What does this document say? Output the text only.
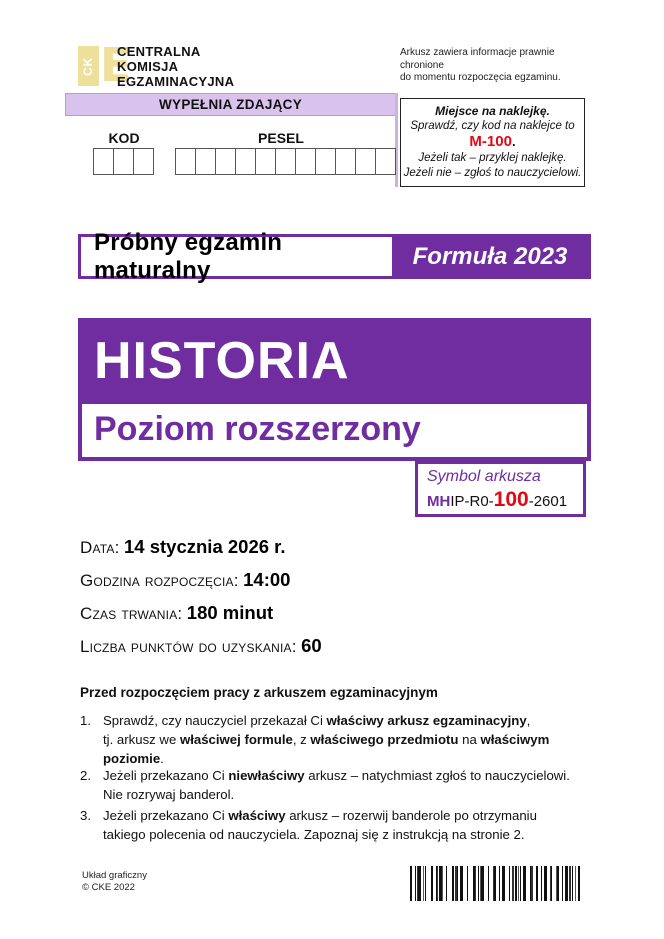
CK E
CENTRALNA
KOMISJA
EGZAMINACYJNA
Arkusz zawiera informacje prawnie chronione
do momentu rozpoczęcia egzaminu.
WYPEŁNIA ZDAJĄCY
KOD	PESEL
Miejsce na naklejkę.
Sprawdź, czy kod na naklejce to
M-100.
Jeżeli tak – przyklej naklejkę.
Jeżeli nie – zgłoś to nauczycielowi.
Próbny egzamin maturalny
Formuła 2023
HISTORIA
Poziom rozszerzony
Symbol arkusza
MH IP-R0- 100 -2601
Data: 14 stycznia 2026 r.
Godzina rozpoczęcia: 14:00
Czas trwania: 180 minut
Liczba punktów do uzyskania: 60
Przed rozpoczęciem pracy z arkuszem egzaminacyjnym
1. Sprawdź, czy nauczyciel przekazał Ci właściwy arkusz egzaminacyjny,
tj. arkusz we właściwej formule, z właściwego przedmiotu na właściwym poziomie.
2. Jeżeli przekazano Ci niewłaściwy arkusz – natychmiast zgłoś to nauczycielowi. Nie rozrywaj banderol.
3. Jeżeli przekazano Ci właściwy arkusz – rozerwij banderole po otrzymaniu takiego polecenia od nauczyciela. Zapoznaj się z instrukcją na stronie 2.
Układ graficzny
© CKE 2022
